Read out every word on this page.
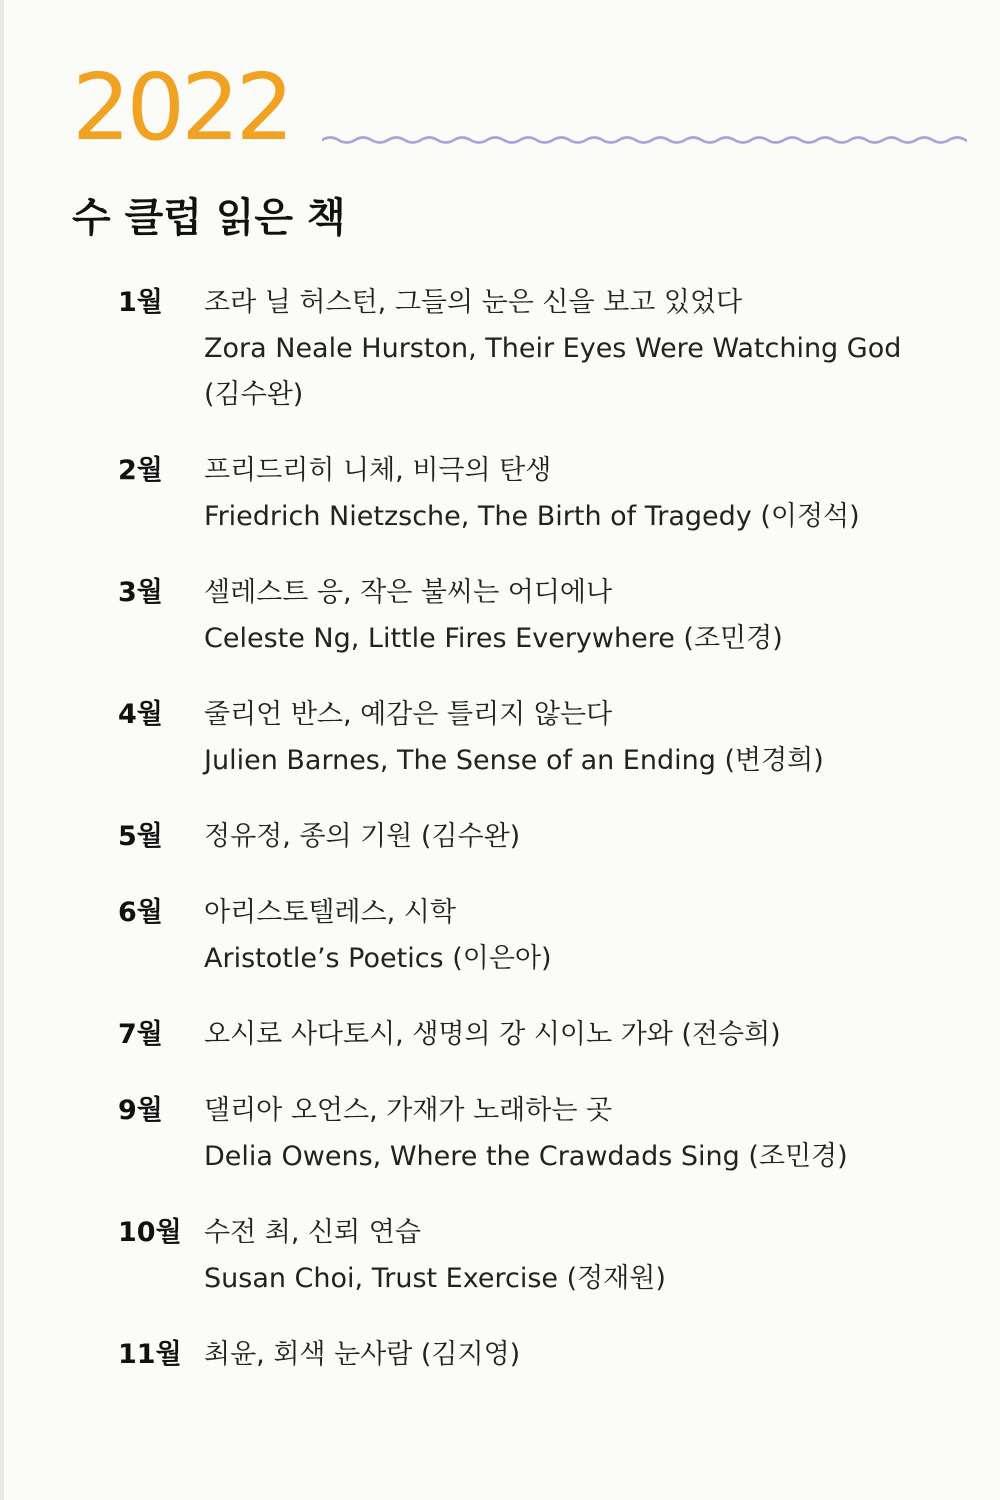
2022
수 클럽 읽은 책
1월 조라 닐 허스턴, 그들의 눈은 신을 보고 있었다
Zora Neale Hurston, Their Eyes Were Watching God
(김수완)
2월 프리드리히 니체, 비극의 탄생
Friedrich Nietzsche, The Birth of Tragedy (이정석)
3월 셀레스트 응, 작은 불씨는 어디에나
Celeste Ng, Little Fires Everywhere (조민경)
4월 줄리언 반스, 예감은 틀리지 않는다
Julien Barnes, The Sense of an Ending (변경희)
5월 정유정, 종의 기원 (김수완)
6월 아리스토텔레스, 시학
Aristotle’s Poetics (이은아)
7월 오시로 사다토시, 생명의 강 시이노 가와 (전승희)
9월 댈리아 오언스, 가재가 노래하는 곳
Delia Owens, Where the Crawdads Sing (조민경)
10월 수전 최, 신뢰 연습
Susan Choi, Trust Exercise (정재원)
11월 최윤, 회색 눈사람 (김지영)
